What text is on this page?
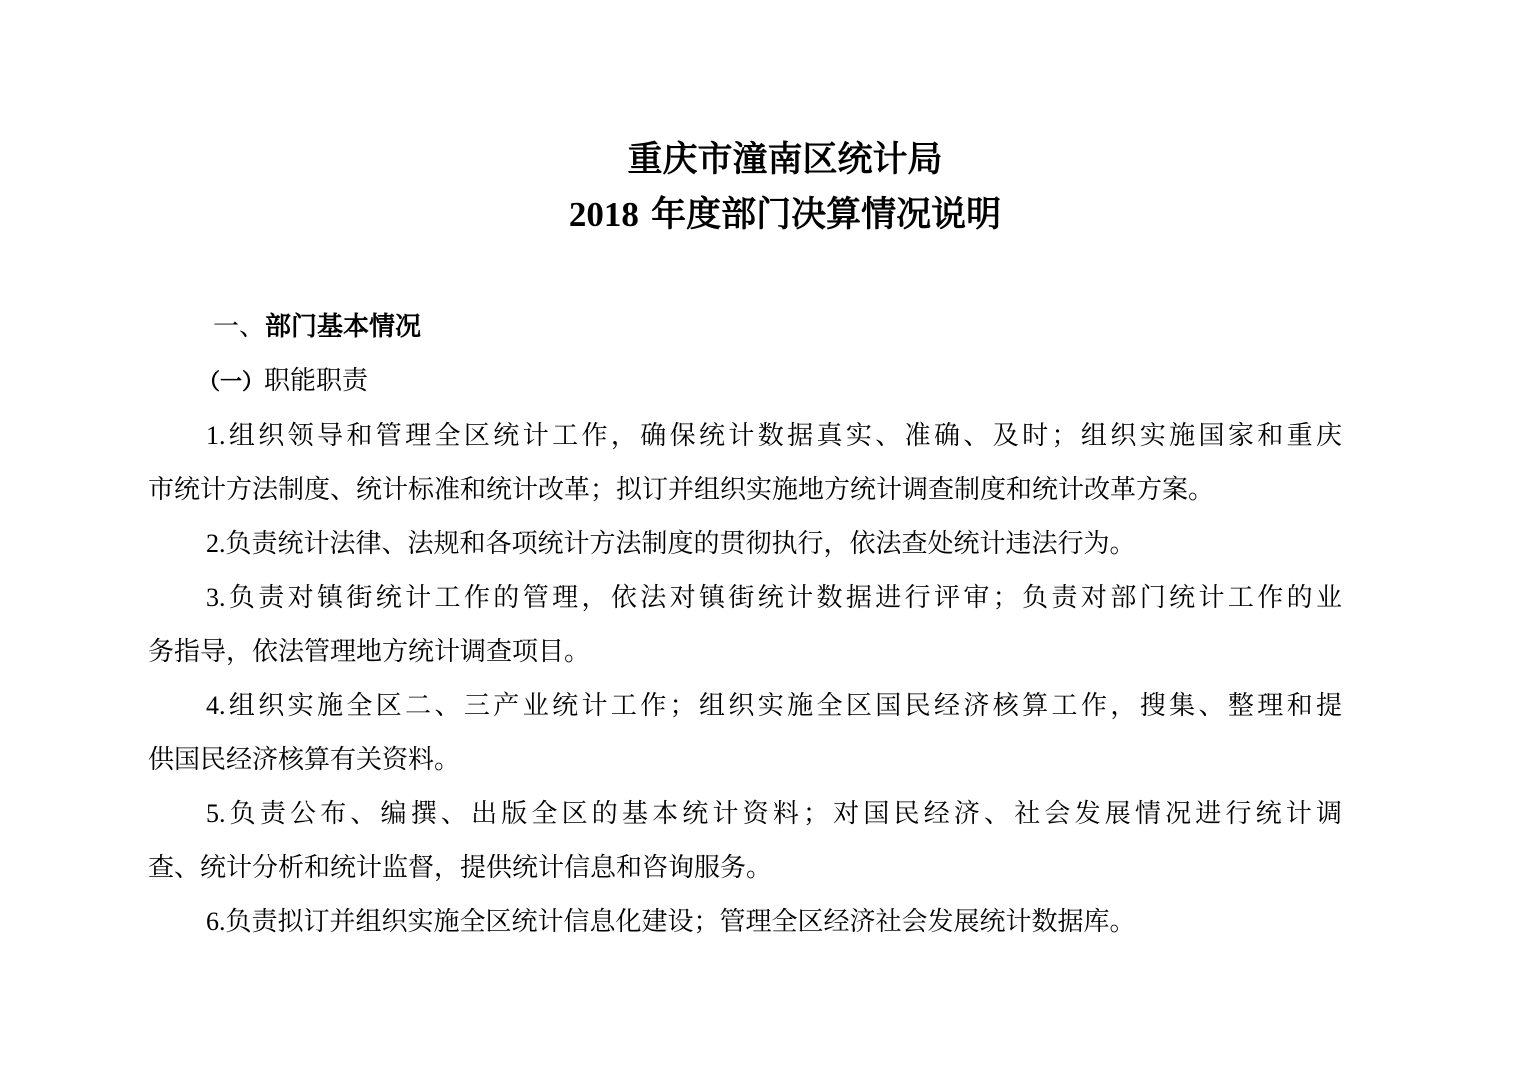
重庆市潼南区统计局
2018 年度部门决算情况说明
一、部门基本情况
（一）职能职责
1.组织领导和管理全区统计工作，确保统计数据真实、准确、及时；组织实施国家和重庆
市统计方法制度、统计标准和统计改革；拟订并组织实施地方统计调查制度和统计改革方案。
2.负责统计法律、法规和各项统计方法制度的贯彻执行，依法查处统计违法行为。
3.负责对镇街统计工作的管理，依法对镇街统计数据进行评审；负责对部门统计工作的业
务指导，依法管理地方统计调查项目。
4.组织实施全区二、三产业统计工作；组织实施全区国民经济核算工作，搜集、整理和提
供国民经济核算有关资料。
5.负责公布、编撰、出版全区的基本统计资料；对国民经济、社会发展情况进行统计调
查、统计分析和统计监督，提供统计信息和咨询服务。
6.负责拟订并组织实施全区统计信息化建设；管理全区经济社会发展统计数据库。
